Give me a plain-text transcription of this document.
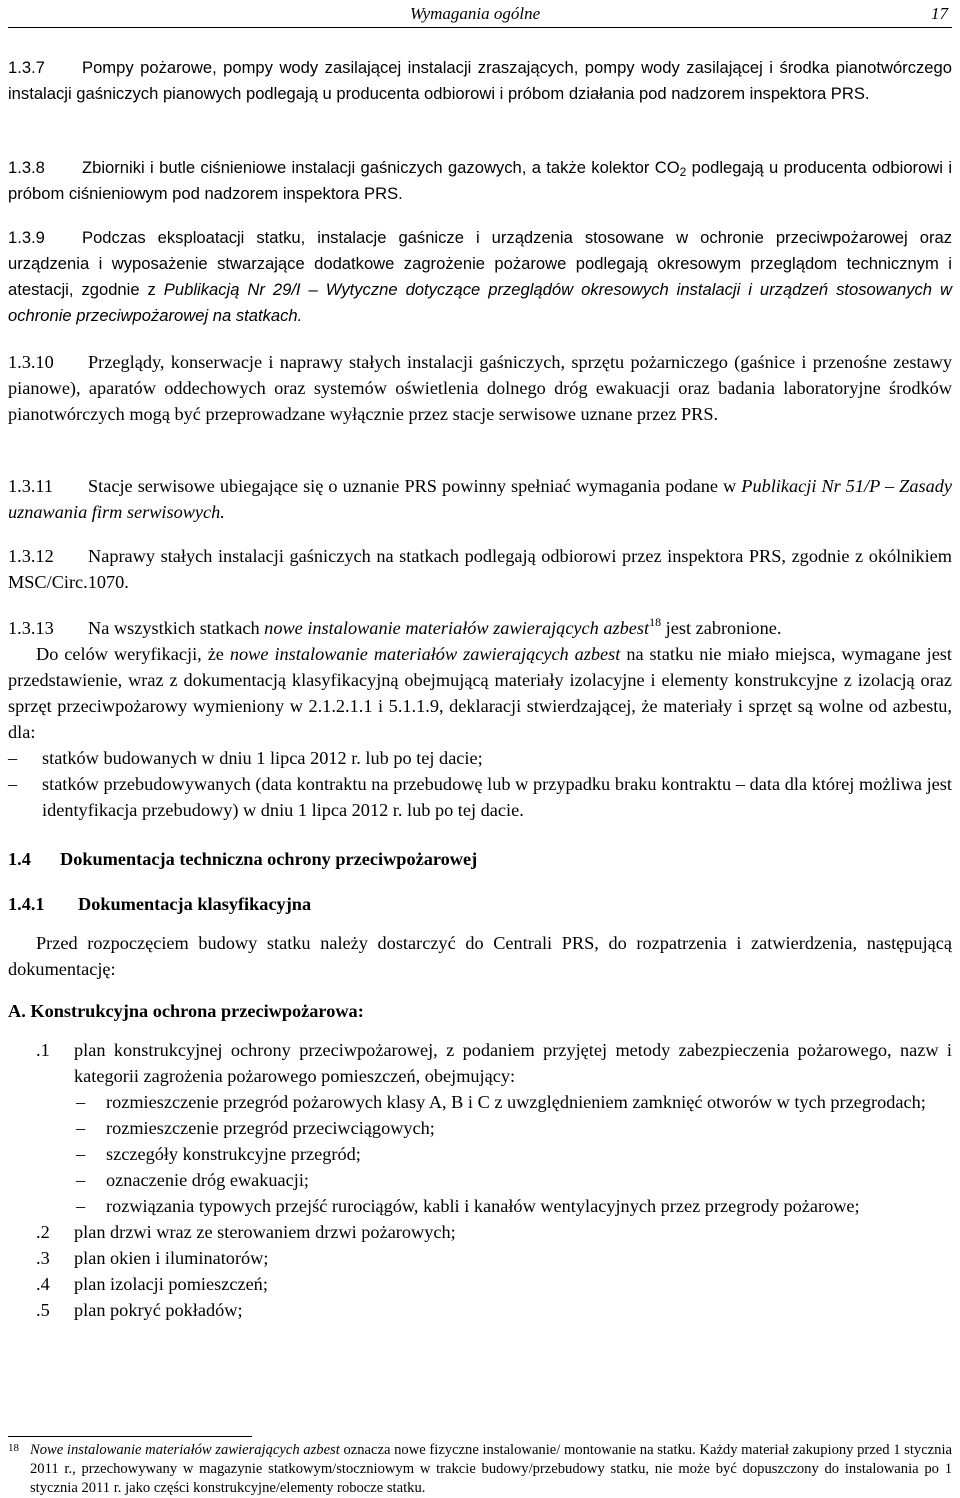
Wymagania ogólne	17
1.3.7 Pompy pożarowe, pompy wody zasilającej instalacji zraszających, pompy wody zasilającej i środka pianotwórczego instalacji gaśniczych pianowych podlegają u producenta odbiorowi i próbom działania pod nadzorem inspektora PRS.
1.3.8 Zbiorniki i butle ciśnieniowe instalacji gaśniczych gazowych, a także kolektor $CO_2$ podlegają u producenta odbiorowi i próbom ciśnieniowym pod nadzorem inspektora PRS.
1.3.9 Podczas eksploatacji statku, instalacje gaśnicze i urządzenia stosowane w ochronie przeciwpożarowej oraz urządzenia i wyposażenie stwarzające dodatkowe zagrożenie pożarowe podlegają okresowym przeglądom technicznym i atestacji, zgodnie z Publikacją Nr 29/I – Wytyczne dotyczące przeglądów okresowych instalacji i urządzeń stosowanych w ochronie przeciwpożarowej na statkach.
1.3.10 Przeglądy, konserwacje i naprawy stałych instalacji gaśniczych, sprzętu pożarniczego (gaśnice i przenośne zestawy pianowe), aparatów oddechowych oraz systemów oświetlenia dolnego dróg ewakuacji oraz badania laboratoryjne środków pianotwórczych mogą być przeprowadzane wyłącznie przez stacje serwisowe uznane przez PRS.
1.3.11 Stacje serwisowe ubiegające się o uznanie PRS powinny spełniać wymagania podane w Publikacji Nr 51/P – Zasady uznawania firm serwisowych.
1.3.12 Naprawy stałych instalacji gaśniczych na statkach podlegają odbiorowi przez inspektora PRS, zgodnie z okólnikiem MSC/Circ.1070.
1.3.13 Na wszystkich statkach nowe instalowanie materiałów zawierających azbest$^{18}$ jest zabronione.
Do celów weryfikacji, że nowe instalowanie materiałów zawierających azbest na statku nie miało miejsca, wymagane jest przedstawienie, wraz z dokumentacją klasyfikacyjną obejmującą materiały izolacyjne i elementy konstrukcyjne z izolacją oraz sprzęt przeciwpożarowy wymieniony w 2.1.2.1.1 i 5.1.1.9, deklaracji stwierdzającej, że materiały i sprzęt są wolne od azbestu, dla:
– statków budowanych w dniu 1 lipca 2012 r. lub po tej dacie;
– statków przebudowywanych (data kontraktu na przebudowę lub w przypadku braku kontraktu – data dla której możliwa jest identyfikacja przebudowy) w dniu 1 lipca 2012 r. lub po tej dacie.
1.4 Dokumentacja techniczna ochrony przeciwpożarowej
1.4.1 Dokumentacja klasyfikacyjna
Przed rozpoczęciem budowy statku należy dostarczyć do Centrali PRS, do rozpatrzenia i zatwierdzenia, następującą dokumentację:
A. Konstrukcyjna ochrona przeciwpożarowa:
.1 plan konstrukcyjnej ochrony przeciwpożarowej, z podaniem przyjętej metody zabezpieczenia pożarowego, nazw i kategorii zagrożenia pożarowego pomieszczeń, obejmujący:
– rozmieszczenie przegród pożarowych klasy A, B i C z uwzględnieniem zamknięć otworów w tych przegrodach;
– rozmieszczenie przegród przeciwciągowych;
– szczegóły konstrukcyjne przegród;
– oznaczenie dróg ewakuacji;
– rozwiązania typowych przejść rurociągów, kabli i kanałów wentylacyjnych przez przegrody pożarowe;
.2 plan drzwi wraz ze sterowaniem drzwi pożarowych;
.3 plan okien i iluminatorów;
.4 plan izolacji pomieszczeń;
.5 plan pokryć pokładów;
18 Nowe instalowanie materiałów zawierających azbest oznacza nowe fizyczne instalowanie/ montowanie na statku. Każdy materiał zakupiony przed 1 stycznia 2011 r., przechowywany w magazynie statkowym/stoczniowym w trakcie budowy/przebudowy statku, nie może być dopuszczony do instalowania po 1 stycznia 2011 r. jako części konstrukcyjne/elementy robocze statku.
